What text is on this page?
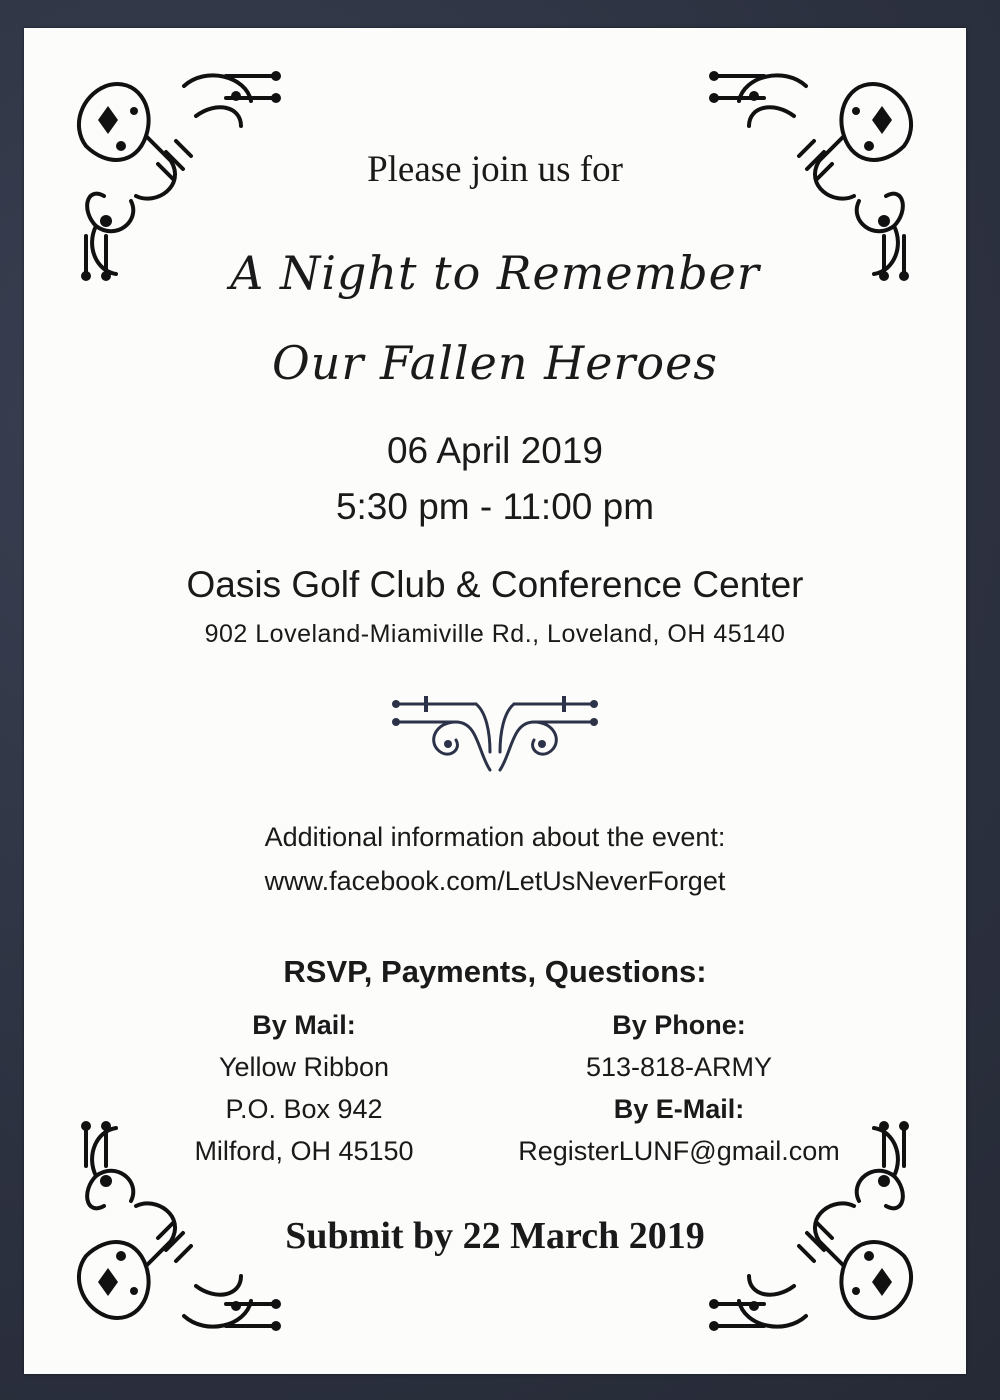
Please join us for
A Night to Remember
Our Fallen Heroes
06 April 2019
5:30 pm - 11:00 pm
Oasis Golf Club & Conference Center
902 Loveland-Miamiville Rd., Loveland, OH 45140
Additional information about the event:
www.facebook.com/LetUsNeverForget
RSVP, Payments, Questions:
By Mail:
Yellow Ribbon
P.O. Box 942
Milford, OH 45150
By Phone:
513-818-ARMY
By E-Mail:
RegisterLUNF@gmail.com
Submit by 22 March 2019
